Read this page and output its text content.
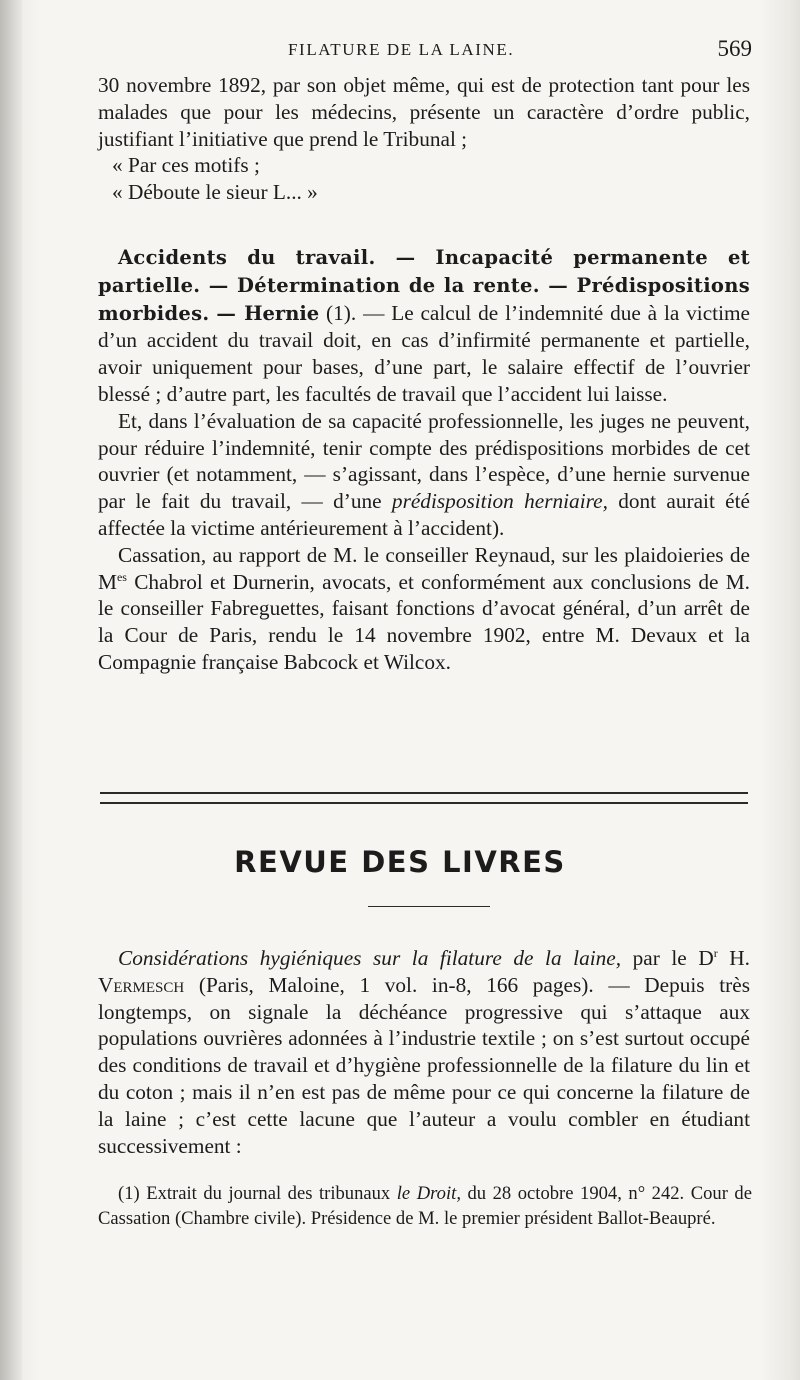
FILATURE DE LA LAINE.	569

30 novembre 1892, par son objet même, qui est de protection tant pour les malades que pour les médecins, présente un caractère d’ordre public, justifiant l’initiative que prend le Tribunal ;

« Par ces motifs ;

« Déboute le sieur L... »

Accidents du travail. — Incapacité permanente et partielle. — Détermination de la rente. — Prédispositions morbides. — Hernie (1). — Le calcul de l’indemnité due à la victime d’un accident du travail doit, en cas d’infirmité permanente et partielle, avoir uniquement pour bases, d’une part, le salaire effectif de l’ouvrier blessé ; d’autre part, les facultés de travail que l’accident lui laisse.

Et, dans l’évaluation de sa capacité professionnelle, les juges ne peuvent, pour réduire l’indemnité, tenir compte des prédispositions morbides de cet ouvrier (et notamment, — s’agissant, dans l’espèce, d’une hernie survenue par le fait du travail, — d’une prédisposition herniaire, dont aurait été affectée la victime antérieurement à l’accident).

Cassation, au rapport de M. le conseiller Reynaud, sur les plaidoieries de $M^{es}$ Chabrol et Durnerin, avocats, et conformément aux conclusions de M. le conseiller Fabreguettes, faisant fonctions d’avocat général, d’un arrêt de la Cour de Paris, rendu le 14 novembre 1902, entre M. Devaux et la Compagnie française Babcock et Wilcox.

REVUE DES LIVRES

Considérations hygiéniques sur la filature de la laine, par le $D^r$ H. Vermesch (Paris, Maloine, 1 vol. in-8, 166 pages). — Depuis très longtemps, on signale la déchéance progressive qui s’attaque aux populations ouvrières adonnées à l’industrie textile ; on s’est surtout occupé des conditions de travail et d’hygiène professionnelle de la filature du lin et du coton ; mais il n’en est pas de même pour ce qui concerne la filature de la laine ; c’est cette lacune que l’auteur a voulu combler en étudiant successivement :

(1) Extrait du journal des tribunaux le Droit, du 28 octobre 1904, n° 242. Cour de Cassation (Chambre civile). Présidence de M. le premier président Ballot-Beaupré.
